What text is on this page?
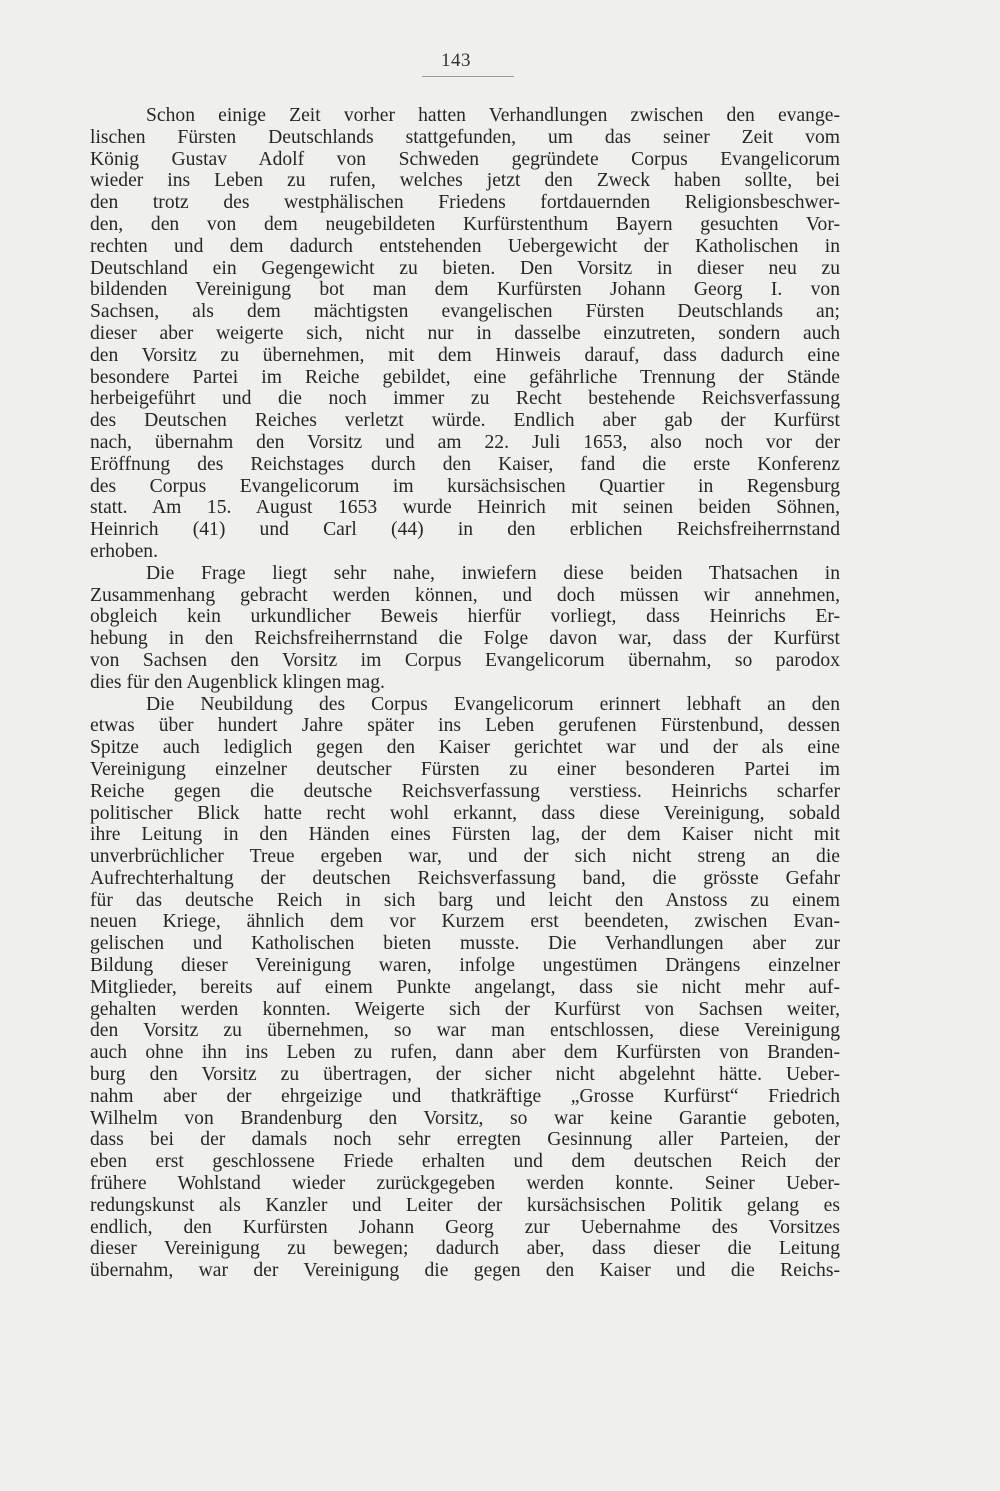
143
Schon einige Zeit vorher hatten Verhandlungen zwischen den evange-
lischen Fürsten Deutschlands stattgefunden, um das seiner Zeit vom
König Gustav Adolf von Schweden gegründete Corpus Evangelicorum
wieder ins Leben zu rufen, welches jetzt den Zweck haben sollte, bei
den trotz des westphälischen Friedens fortdauernden Religionsbeschwer-
den, den von dem neugebildeten Kurfürstenthum Bayern gesuchten Vor-
rechten und dem dadurch entstehenden Uebergewicht der Katholischen in
Deutschland ein Gegengewicht zu bieten. Den Vorsitz in dieser neu zu
bildenden Vereinigung bot man dem Kurfürsten Johann Georg I. von
Sachsen, als dem mächtigsten evangelischen Fürsten Deutschlands an;
dieser aber weigerte sich, nicht nur in dasselbe einzutreten, sondern auch
den Vorsitz zu übernehmen, mit dem Hinweis darauf, dass dadurch eine
besondere Partei im Reiche gebildet, eine gefährliche Trennung der Stände
herbeigeführt und die noch immer zu Recht bestehende Reichsverfassung
des Deutschen Reiches verletzt würde. Endlich aber gab der Kurfürst
nach, übernahm den Vorsitz und am 22. Juli 1653, also noch vor der
Eröffnung des Reichstages durch den Kaiser, fand die erste Konferenz
des Corpus Evangelicorum im kursächsischen Quartier in Regensburg
statt. Am 15. August 1653 wurde Heinrich mit seinen beiden Söhnen,
Heinrich (41) und Carl (44) in den erblichen Reichsfreiherrnstand
erhoben.
Die Frage liegt sehr nahe, inwiefern diese beiden Thatsachen in
Zusammenhang gebracht werden können, und doch müssen wir annehmen,
obgleich kein urkundlicher Beweis hierfür vorliegt, dass Heinrichs Er-
hebung in den Reichsfreiherrnstand die Folge davon war, dass der Kurfürst
von Sachsen den Vorsitz im Corpus Evangelicorum übernahm, so parodox
dies für den Augenblick klingen mag.
Die Neubildung des Corpus Evangelicorum erinnert lebhaft an den
etwas über hundert Jahre später ins Leben gerufenen Fürstenbund, dessen
Spitze auch lediglich gegen den Kaiser gerichtet war und der als eine
Vereinigung einzelner deutscher Fürsten zu einer besonderen Partei im
Reiche gegen die deutsche Reichsverfassung verstiess. Heinrichs scharfer
politischer Blick hatte recht wohl erkannt, dass diese Vereinigung, sobald
ihre Leitung in den Händen eines Fürsten lag, der dem Kaiser nicht mit
unverbrüchlicher Treue ergeben war, und der sich nicht streng an die
Aufrechterhaltung der deutschen Reichsverfassung band, die grösste Gefahr
für das deutsche Reich in sich barg und leicht den Anstoss zu einem
neuen Kriege, ähnlich dem vor Kurzem erst beendeten, zwischen Evan-
gelischen und Katholischen bieten musste. Die Verhandlungen aber zur
Bildung dieser Vereinigung waren, infolge ungestümen Drängens einzelner
Mitglieder, bereits auf einem Punkte angelangt, dass sie nicht mehr auf-
gehalten werden konnten. Weigerte sich der Kurfürst von Sachsen weiter,
den Vorsitz zu übernehmen, so war man entschlossen, diese Vereinigung
auch ohne ihn ins Leben zu rufen, dann aber dem Kurfürsten von Branden-
burg den Vorsitz zu übertragen, der sicher nicht abgelehnt hätte. Ueber-
nahm aber der ehrgeizige und thatkräftige „Grosse Kurfürst“ Friedrich
Wilhelm von Brandenburg den Vorsitz, so war keine Garantie geboten,
dass bei der damals noch sehr erregten Gesinnung aller Parteien, der
eben erst geschlossene Friede erhalten und dem deutschen Reich der
frühere Wohlstand wieder zurückgegeben werden konnte. Seiner Ueber-
redungskunst als Kanzler und Leiter der kursächsischen Politik gelang es
endlich, den Kurfürsten Johann Georg zur Uebernahme des Vorsitzes
dieser Vereinigung zu bewegen; dadurch aber, dass dieser die Leitung
übernahm, war der Vereinigung die gegen den Kaiser und die Reichs-
